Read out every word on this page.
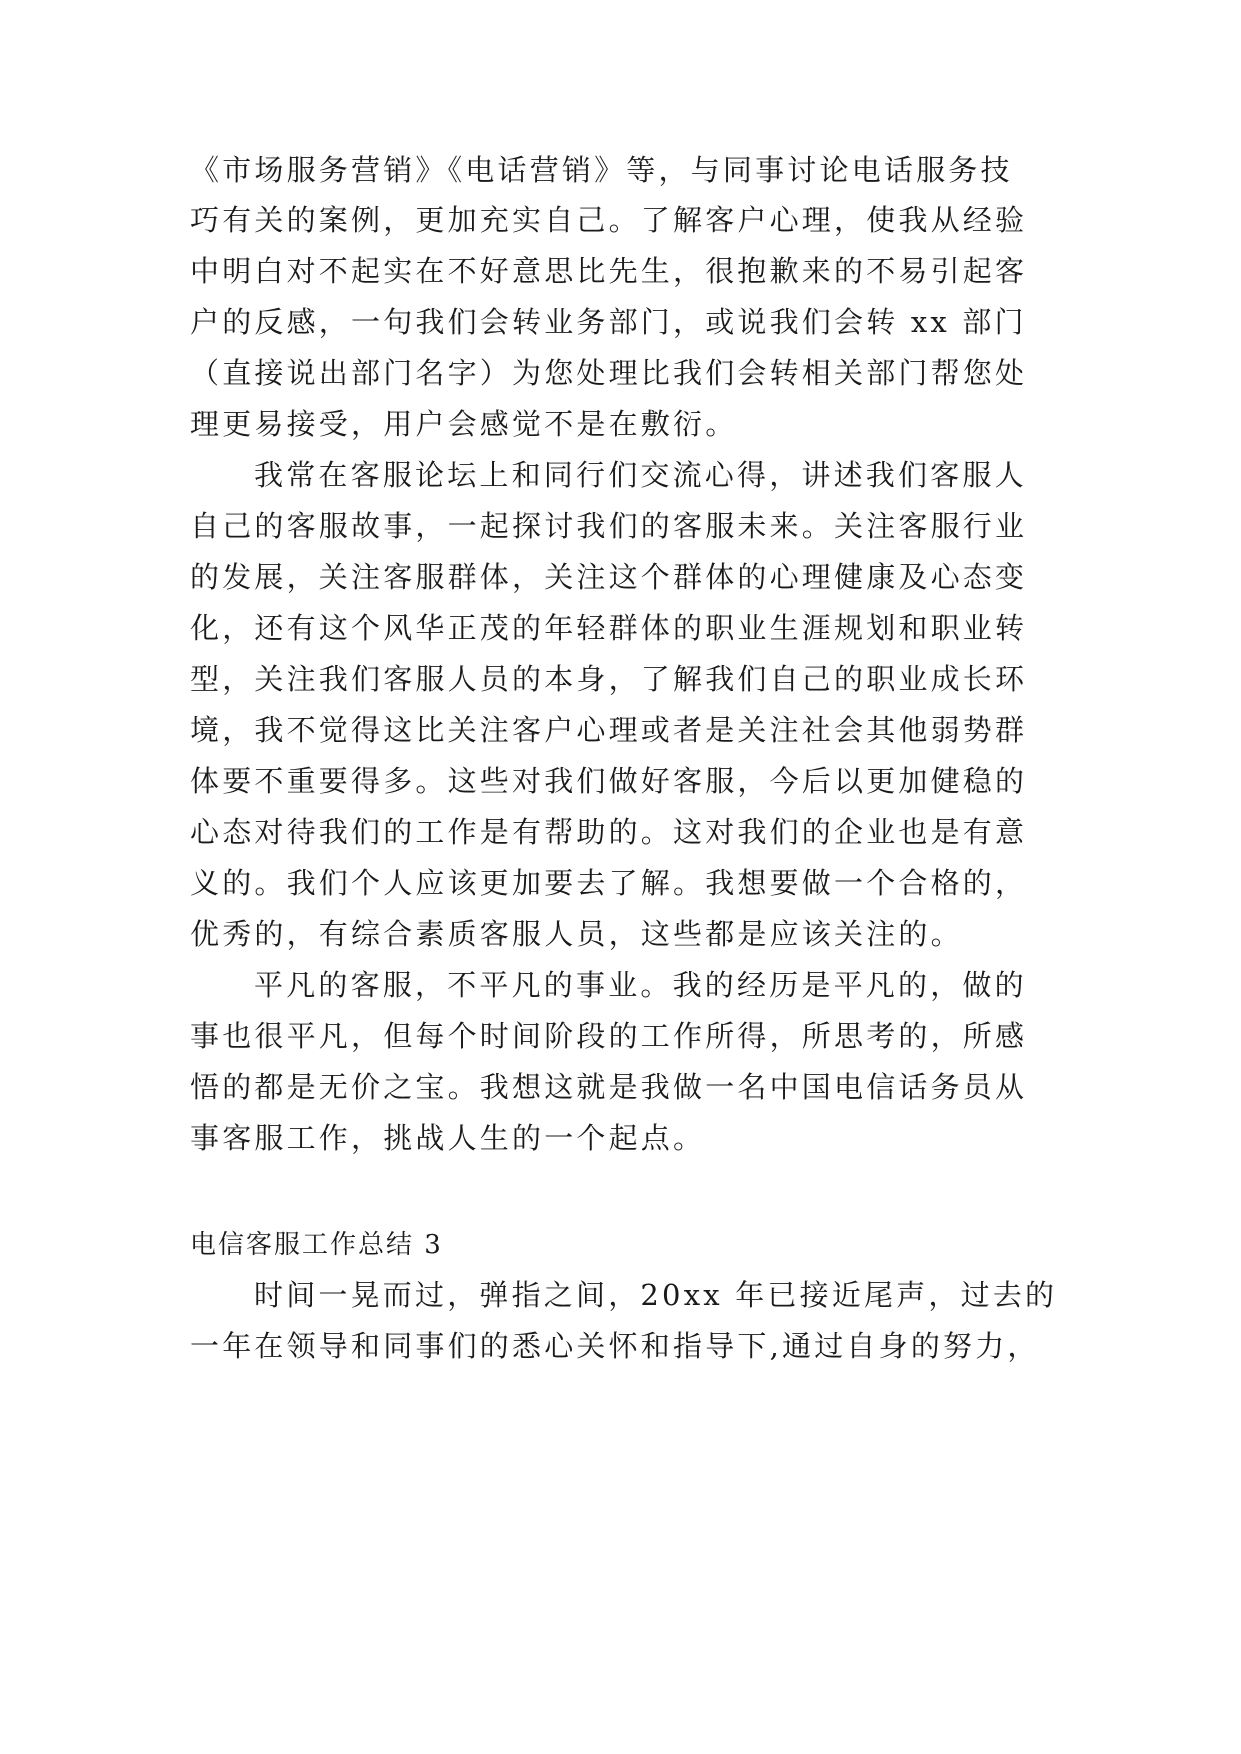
《市场服务营销》《电话营销》等，与同事讨论电话服务技
巧有关的案例，更加充实自己。了解客户心理，使我从经验
中明白对不起实在不好意思比先生，很抱歉来的不易引起客
户的反感，一句我们会转业务部门，或说我们会转 xx 部门
（直接说出部门名字）为您处理比我们会转相关部门帮您处
理更易接受，用户会感觉不是在敷衍。
我常在客服论坛上和同行们交流心得，讲述我们客服人
自己的客服故事，一起探讨我们的客服未来。关注客服行业
的发展，关注客服群体，关注这个群体的心理健康及心态变
化，还有这个风华正茂的年轻群体的职业生涯规划和职业转
型，关注我们客服人员的本身，了解我们自己的职业成长环
境，我不觉得这比关注客户心理或者是关注社会其他弱势群
体要不重要得多。这些对我们做好客服，今后以更加健稳的
心态对待我们的工作是有帮助的。这对我们的企业也是有意
义的。我们个人应该更加要去了解。我想要做一个合格的，
优秀的，有综合素质客服人员，这些都是应该关注的。
平凡的客服，不平凡的事业。我的经历是平凡的，做的
事也很平凡，但每个时间阶段的工作所得，所思考的，所感
悟的都是无价之宝。我想这就是我做一名中国电信话务员从
事客服工作，挑战人生的一个起点。
电信客服工作总结 3
时间一晃而过，弹指之间，20xx 年已接近尾声，过去的
一年在领导和同事们的悉心关怀和指导下,通过自身的努力，
